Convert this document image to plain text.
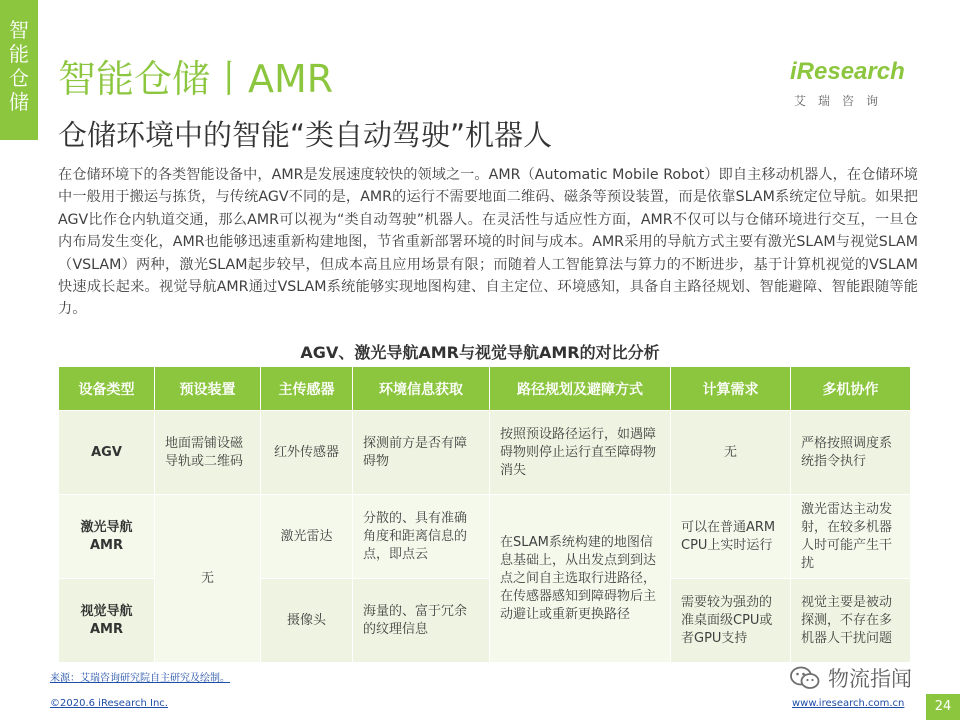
智
能
仓
储
智能仓储丨AMR
仓储环境中的智能“类自动驾驶”机器人
iResearch
艾瑞咨询

在仓储环境下的各类智能设备中，AMR是发展速度较快的领域之一。AMR（Automatic Mobile Robot）即自主移动机器人，在仓储环境中一般用于搬运与拣货，与传统AGV不同的是，AMR的运行不需要地面二维码、磁条等预设装置，而是依靠SLAM系统定位导航。如果把AGV比作仓内轨道交通，那么AMR可以视为“类自动驾驶”机器人。在灵活性与适应性方面，AMR不仅可以与仓储环境进行交互，一旦仓内布局发生变化，AMR也能够迅速重新构建地图，节省重新部署环境的时间与成本。AMR采用的导航方式主要有激光SLAM与视觉SLAM（VSLAM）两种，激光SLAM起步较早，但成本高且应用场景有限；而随着人工智能算法与算力的不断进步，基于计算机视觉的VSLAM快速成长起来。视觉导航AMR通过VSLAM系统能够实现地图构建、自主定位、环境感知，具备自主路径规划、智能避障、智能跟随等能力。

AGV、激光导航AMR与视觉导航AMR的对比分析
设备类型	预设装置	主传感器	环境信息获取	路径规划及避障方式	计算需求	多机协作
AGV	地面需铺设磁导轨或二维码	红外传感器	探测前方是否有障碍物	按照预设路径运行，如遇障碍物则停止运行直至障碍物消失	无	严格按照调度系统指令执行

激光导航
AMR	无	激光雷达	分散的、具有准确角度和距离信息的点，即点云	在SLAM系统构建的地图信息基础上，从出发点到到达点之间自主选取行进路径，在传感器感知到障碍物后主动避让或重新更换路径	可以在普通ARM CPU上实时运行	激光雷达主动发射，在较多机器人时可能产生干扰

视觉导航
AMR		摄像头	海量的、富于冗余的纹理信息		需要较为强劲的准桌面级CPU或者GPU支持	视觉主要是被动探测，不存在多机器人干扰问题
来源：艾瑞咨询研究院自主研究及绘制。
©2020.6 iResearch Inc.
物流指闻
www.iresearch.com.cn	24
